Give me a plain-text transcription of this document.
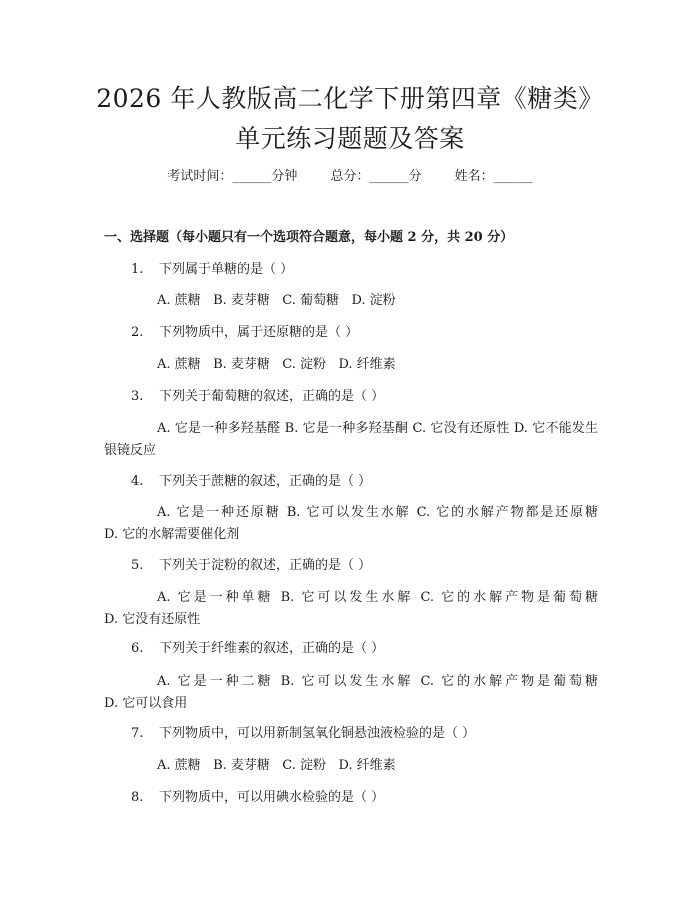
2026 年人教版高二化学下册第四章《糖类》
单元练习题题及答案
考试时间：______分钟	总分：______分	姓名：______

一、选择题（每小题只有一个选项符合题意，每小题 2 分，共 20 分）

1. 下列属于单糖的是（ ）
A. 蔗糖 B. 麦芽糖 C. 葡萄糖 D. 淀粉
2. 下列物质中，属于还原糖的是（ ）
A. 蔗糖 B. 麦芽糖 C. 淀粉 D. 纤维素
3. 下列关于葡萄糖的叙述，正确的是（ ）
A. 它是一种多羟基醛 B. 它是一种多羟基酮 C. 它没有还原性 D. 它不能发生银镜反应
4. 下列关于蔗糖的叙述，正确的是（ ）
A. 它是一种还原糖 B. 它可以发生水解 C. 它的水解产物都是还原糖 D. 它的水解需要催化剂
5. 下列关于淀粉的叙述，正确的是（ ）
A. 它是一种单糖 B. 它可以发生水解 C. 它的水解产物是葡萄糖 D. 它没有还原性
6. 下列关于纤维素的叙述，正确的是（ ）
A. 它是一种二糖 B. 它可以发生水解 C. 它的水解产物是葡萄糖 D. 它可以食用
7. 下列物质中，可以用新制氢氧化铜悬浊液检验的是（ ）
A. 蔗糖 B. 麦芽糖 C. 淀粉 D. 纤维素
8. 下列物质中，可以用碘水检验的是（ ）
